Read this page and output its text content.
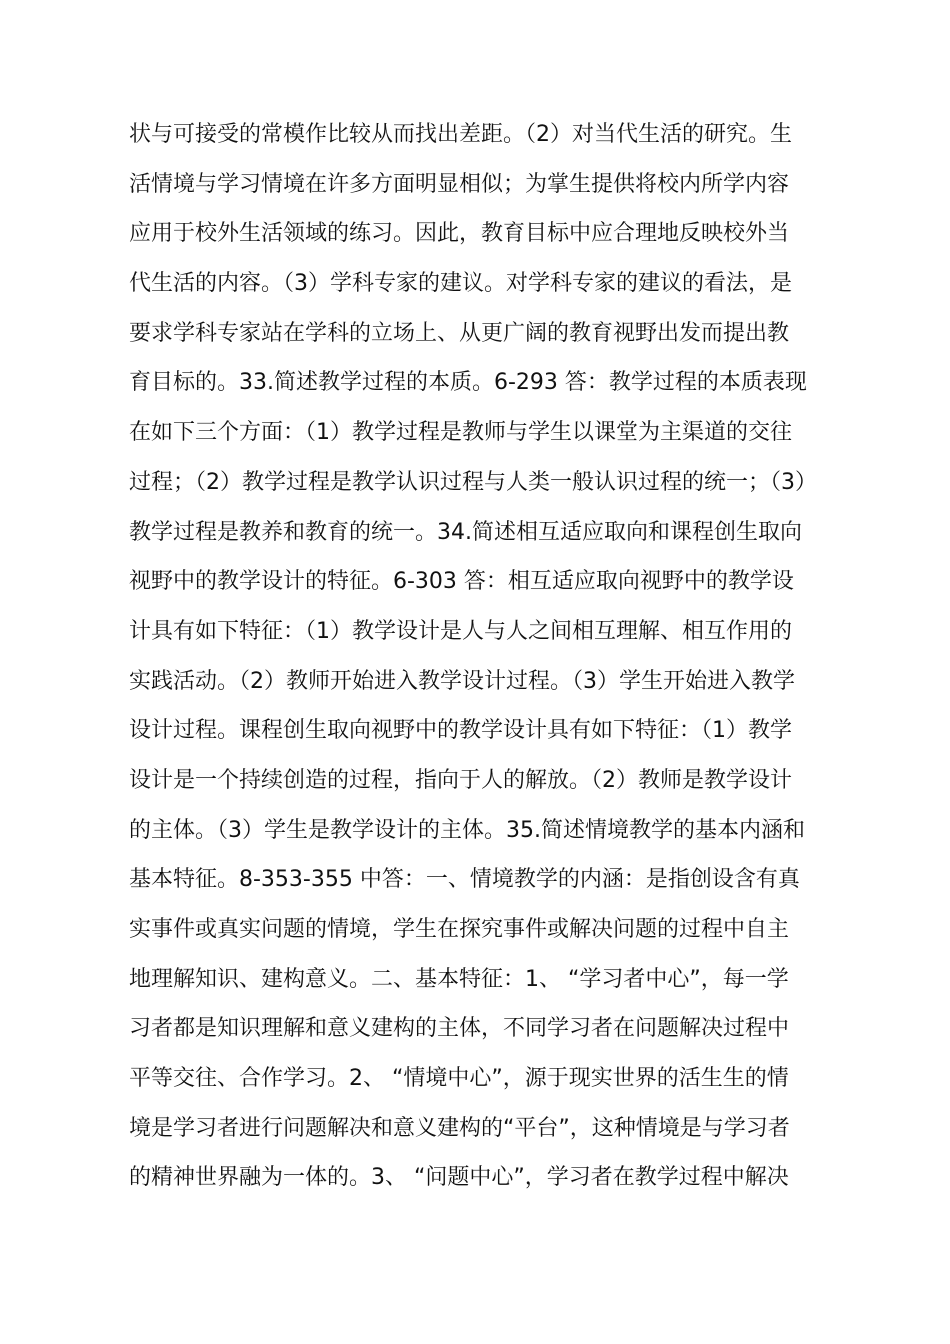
状与可接受的常模作比较从而找出差距。（2）对当代生活的研究。生
活情境与学习情境在许多方面明显相似；为掌生提供将校内所学内容
应用于校外生活领域的练习。因此，教育目标中应合理地反映校外当
代生活的内容。（3）学科专家的建议。对学科专家的建议的看法，是
要求学科专家站在学科的立场上、从更广阔的教育视野出发而提出教
育目标的。33.简述教学过程的本质。6-293 答：教学过程的本质表现
在如下三个方面：（1）教学过程是教师与学生以课堂为主渠道的交往
过程；（2）教学过程是教学认识过程与人类一般认识过程的统一；（3）
教学过程是教养和教育的统一。34.简述相互适应取向和课程创生取向
视野中的教学设计的特征。6-303 答：相互适应取向视野中的教学设
计具有如下特征：（1）教学设计是人与人之间相互理解、相互作用的
实践活动。（2）教师开始进入教学设计过程。（3）学生开始进入教学
设计过程。课程创生取向视野中的教学设计具有如下特征：（1）教学
设计是一个持续创造的过程，指向于人的解放。（2）教师是教学设计
的主体。（3）学生是教学设计的主体。35.简述情境教学的基本内涵和
基本特征。8-353-355 中答：一、情境教学的内涵：是指创设含有真
实事件或真实问题的情境，学生在探究事件或解决问题的过程中自主
地理解知识、建构意义。二、基本特征：1、 “学习者中心”，每一学
习者都是知识理解和意义建构的主体，不同学习者在问题解决过程中
平等交往、合作学习。2、 “情境中心”，源于现实世界的活生生的情
境是学习者进行问题解决和意义建构的“平台”，这种情境是与学习者
的精神世界融为一体的。3、 “问题中心”，学习者在教学过程中解决
